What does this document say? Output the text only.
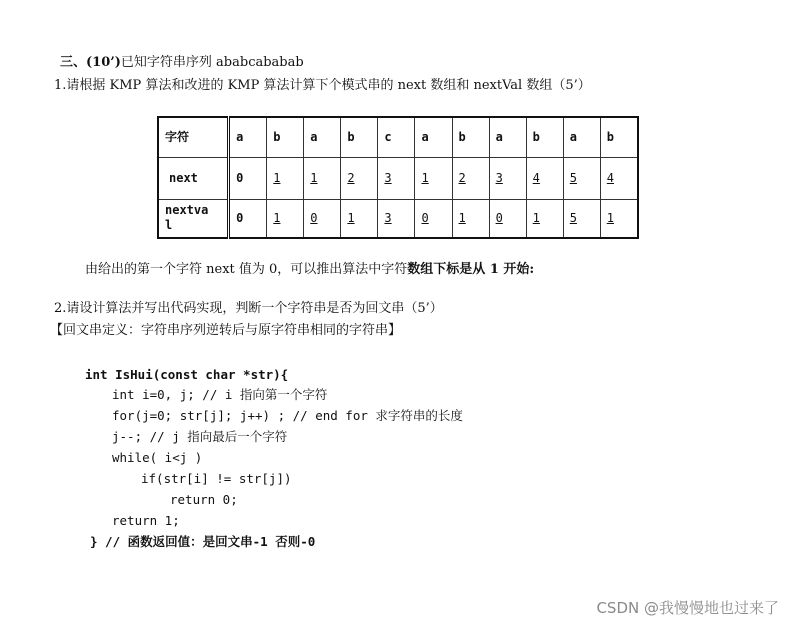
三、(10’)已知字符串序列 ababcababab
1.请根据 KMP 算法和改进的 KMP 算法计算下个模式串的 next 数组和 nextVal 数组（5’）
字符	a	b	a	b	c	a	b	a	b	a	b
next	0	1	1	2	3	1	2	3	4	5	4
nextva
l	0	1	0	1	3	0	1	0	1	5	1
由给出的第一个字符 next 值为 0，可以推出算法中字符数组下标是从 1 开始:
2.请设计算法并写出代码实现，判断一个字符串是否为回文串（5’）
【回文串定义：字符串序列逆转后与原字符串相同的字符串】
int IsHui(const char *str){
int i=0, j; // i 指向第一个字符
for(j=0; str[j]; j++) ; // end for 求字符串的长度
j--; // j 指向最后一个字符
while( i<j )
if(str[i] != str[j])
return 0;
return 1;
} // 函数返回值：是回文串-1 否则-0
CSDN @我慢慢地也过来了
